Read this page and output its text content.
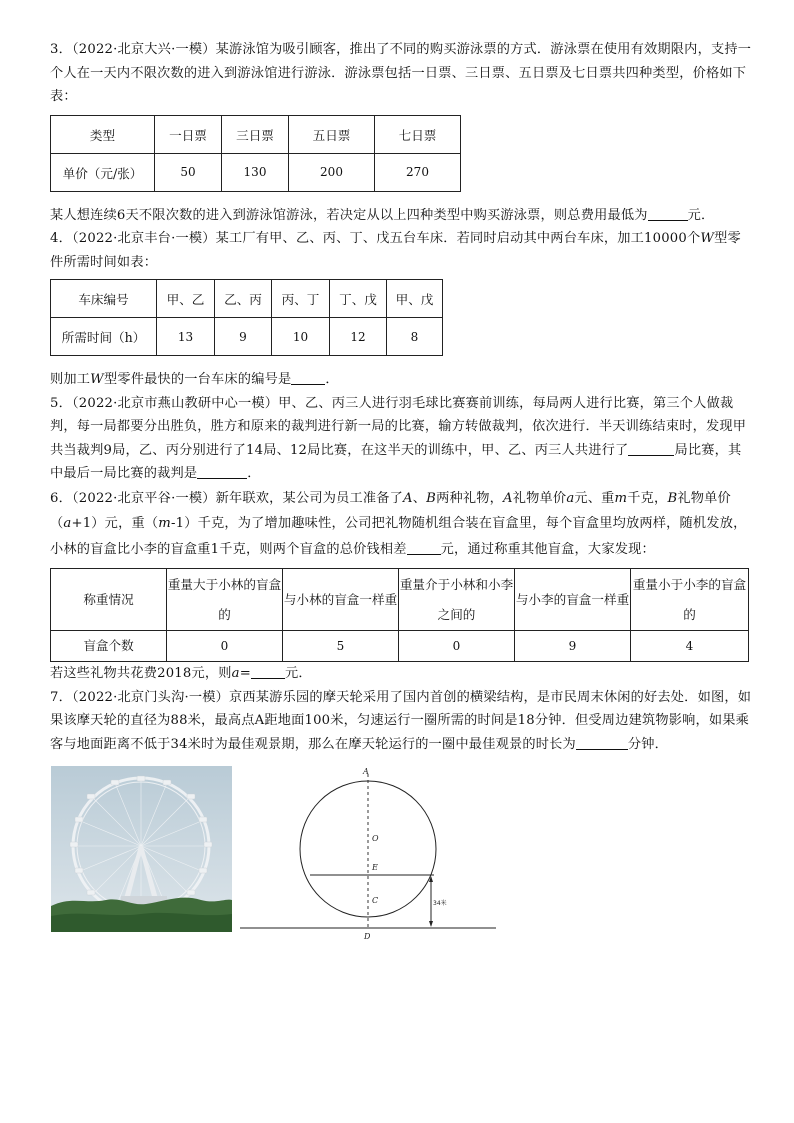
3．（2022·北京大兴·一模）某游泳馆为吸引顾客，推出了不同的购买游泳票的方式．游泳票在使用有效期限内，支持一个人在一天内不限次数的进入到游泳馆进行游泳．游泳票包括一日票、三日票、五日票及七日票共四种类型，价格如下表：

类型	一日票	三日票	五日票	七日票
单价（元/张）	50	130	200	270

某人想连续6天不限次数的进入到游泳馆游泳，若决定从以上四种类型中购买游泳票，则总费用最低为	元．

4．（2022·北京丰台·一模）某工厂有甲、乙、丙、丁、戊五台车床．若同时启动其中两台车床，加工10000个W型零件所需时间如表：

车床编号	甲、乙	乙、丙	丙、丁	丁、戊	甲、戊
所需时间（h）	13	9	10	12	8

则加工W型零件最快的一台车床的编号是	．

5．（2022·北京市燕山教研中心一模）甲、乙、丙三人进行羽毛球比赛赛前训练，每局两人进行比赛，第三个人做裁判，每一局都要分出胜负，胜方和原来的裁判进行新一局的比赛，输方转做裁判，依次进行．半天训练结束时，发现甲共当裁判9局，乙、丙分别进行了14局、12局比赛，在这半天的训练中，甲、乙、丙三人共进行了	局比赛，其中最后一局比赛的裁判是	．

6．（2022·北京平谷·一模）新年联欢，某公司为员工准备了A、B两种礼物，A礼物单价a元、重m千克，B礼物单价（a+1）元，重（m-1）千克，为了增加趣味性，公司把礼物随机组合装在盲盒里，每个盲盒里均放两样，随机发放，小林的盲盒比小李的盲盒重1千克，则两个盲盒的总价钱相差	元，通过称重其他盲盒，大家发现：

称重情况	重量大于小林的盲盒的	与小林的盲盒一样重	重量介于小林和小李之间的	与小李的盲盒一样重	重量小于小李的盲盒的
盲盒个数	0	5	0	9	4

若这些礼物共花费2018元，则a=	元．

7．（2022·北京门头沟·一模）京西某游乐园的摩天轮采用了国内首创的横梁结构，是市民周末休闲的好去处．如图，如果该摩天轮的直径为88米，最高点A距地面100米，匀速运行一圈所需的时间是18分钟．但受周边建筑物影响，如果乘客与地面距离不低于34米时为最佳观景期，那么在摩天轮运行的一圈中最佳观景的时长为	分钟．

A
O
E
C
D
34米
